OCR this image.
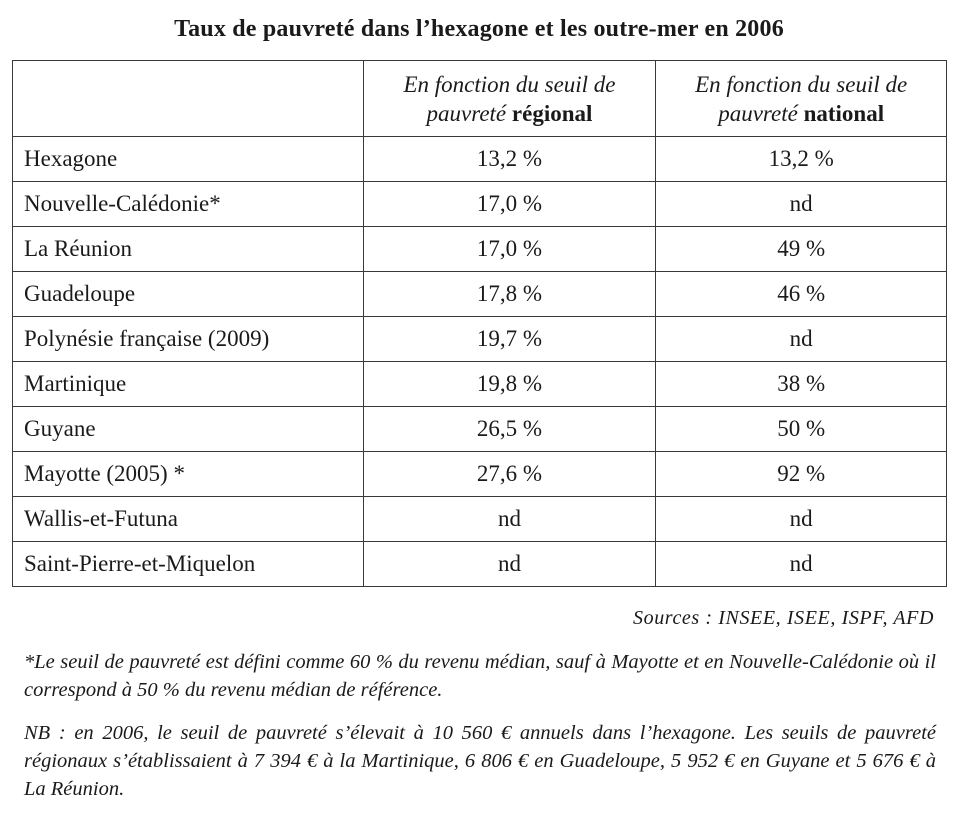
Taux de pauvreté dans l’hexagone et les outre-mer en 2006
	En fonction du seuil de pauvreté régional	En fonction du seuil de pauvreté national
Hexagone	13,2 %	13,2 %
Nouvelle-Calédonie*	17,0 %	nd
La Réunion	17,0 %	49 %
Guadeloupe	17,8 %	46 %
Polynésie française (2009)	19,7 %	nd
Martinique	19,8 %	38 %
Guyane	26,5 %	50 %
Mayotte (2005) *	27,6 %	92 %
Wallis-et-Futuna	nd	nd
Saint-Pierre-et-Miquelon	nd	nd
Sources : INSEE, ISEE, ISPF, AFD
*Le seuil de pauvreté est défini comme 60 % du revenu médian, sauf à Mayotte et en Nouvelle-Calédonie où il correspond à 50 % du revenu médian de référence.
NB : en 2006, le seuil de pauvreté s’élevait à 10 560 € annuels dans l’hexagone. Les seuils de pauvreté régionaux s’établissaient à 7 394 € à la Martinique, 6 806 € en Guadeloupe, 5 952 € en Guyane et 5 676 € à La Réunion.
